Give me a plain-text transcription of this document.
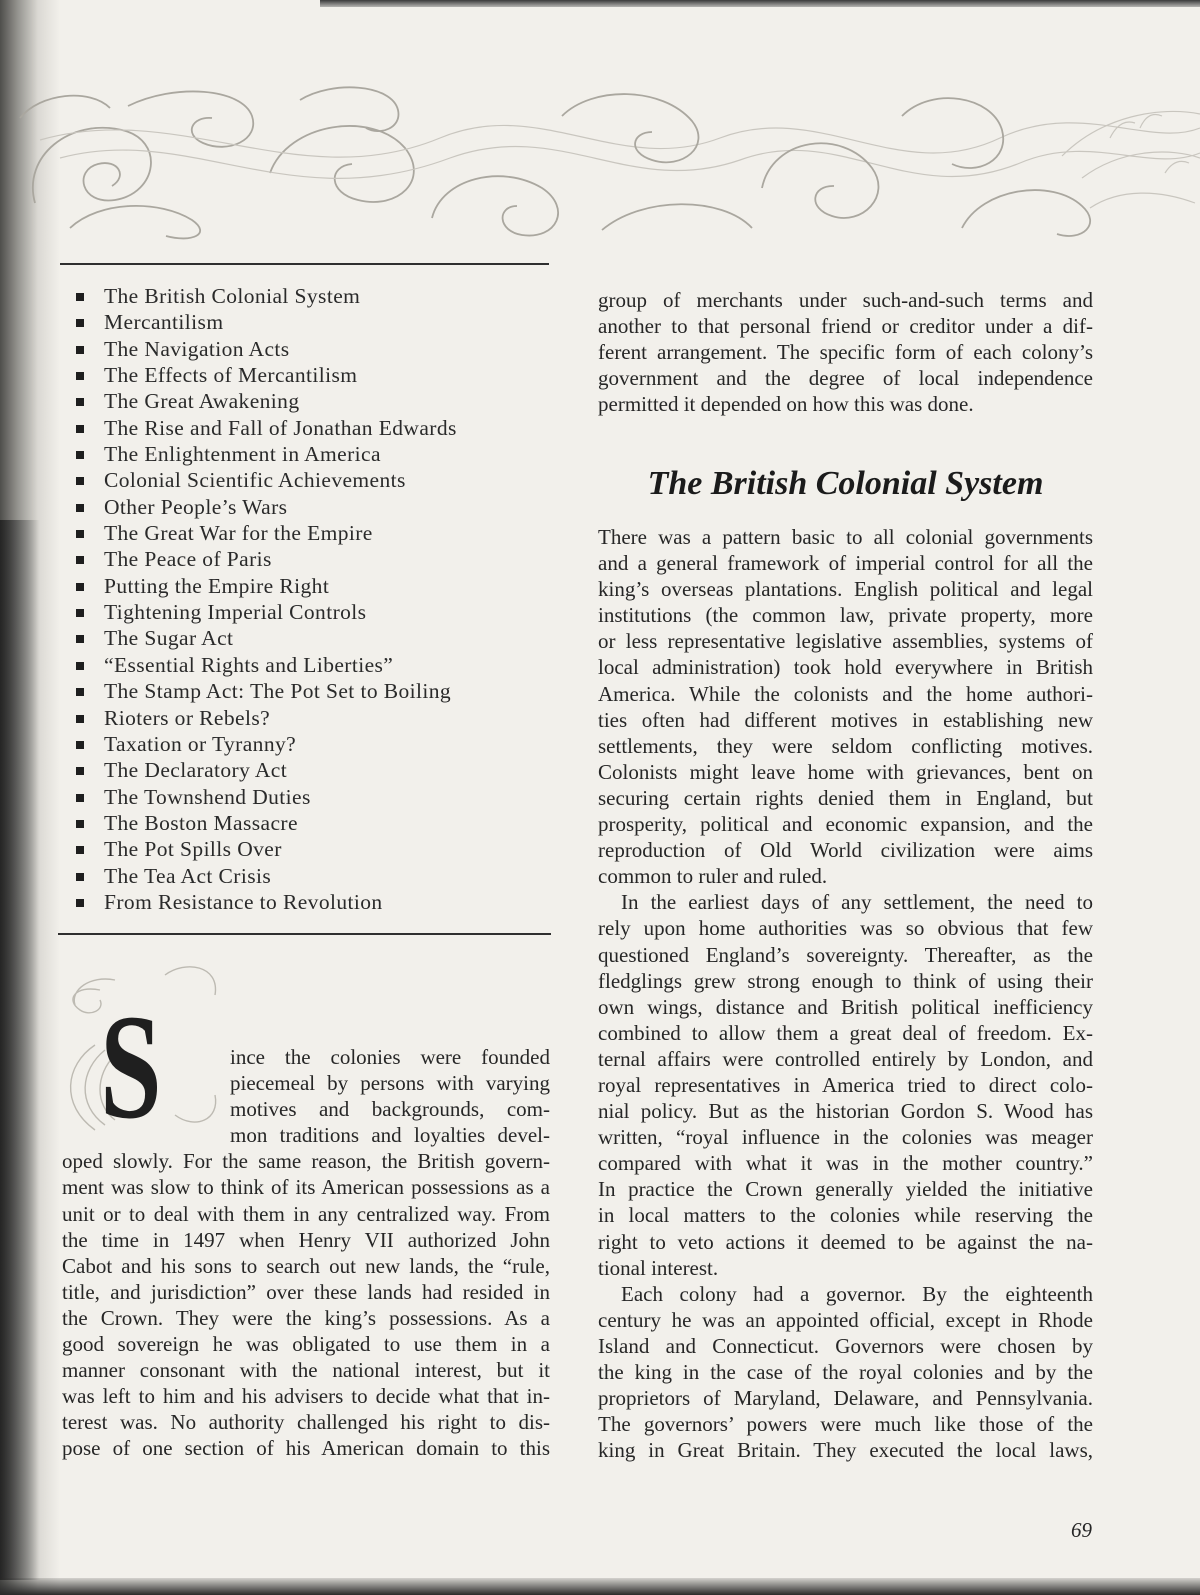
The British Colonial System
Mercantilism
The Navigation Acts
The Effects of Mercantilism
The Great Awakening
The Rise and Fall of Jonathan Edwards
The Enlightenment in America
Colonial Scientific Achievements
Other People’s Wars
The Great War for the Empire
The Peace of Paris
Putting the Empire Right
Tightening Imperial Controls
The Sugar Act
“Essential Rights and Liberties”
The Stamp Act: The Pot Set to Boiling
Rioters or Rebels?
Taxation or Tyranny?
The Declaratory Act
The Townshend Duties
The Boston Massacre
The Pot Spills Over
The Tea Act Crisis
From Resistance to Revolution
S	ince the colonies were founded
piecemeal by persons with varying
motives and backgrounds, com-
mon traditions and loyalties devel-
oped slowly. For the same reason, the British govern-
ment was slow to think of its American possessions as a
unit or to deal with them in any centralized way. From
the time in 1497 when Henry VII authorized John
Cabot and his sons to search out new lands, the “rule,
title, and jurisdiction” over these lands had resided in
the Crown. They were the king’s possessions. As a
good sovereign he was obligated to use them in a
manner consonant with the national interest, but it
was left to him and his advisers to decide what that in-
terest was. No authority challenged his right to dis-
pose of one section of his American domain to this
group of merchants under such-and-such terms and
another to that personal friend or creditor under a dif-
ferent arrangement. The specific form of each colony’s
government and the degree of local independence
permitted it depended on how this was done.
The British Colonial System
There was a pattern basic to all colonial governments
and a general framework of imperial control for all the
king’s overseas plantations. English political and legal
institutions (the common law, private property, more
or less representative legislative assemblies, systems of
local administration) took hold everywhere in British
America. While the colonists and the home authori-
ties often had different motives in establishing new
settlements, they were seldom conflicting motives.
Colonists might leave home with grievances, bent on
securing certain rights denied them in England, but
prosperity, political and economic expansion, and the
reproduction of Old World civilization were aims
common to ruler and ruled.
In the earliest days of any settlement, the need to
rely upon home authorities was so obvious that few
questioned England’s sovereignty. Thereafter, as the
fledglings grew strong enough to think of using their
own wings, distance and British political inefficiency
combined to allow them a great deal of freedom. Ex-
ternal affairs were controlled entirely by London, and
royal representatives in America tried to direct colo-
nial policy. But as the historian Gordon S. Wood has
written, “royal influence in the colonies was meager
compared with what it was in the mother country.”
In practice the Crown generally yielded the initiative
in local matters to the colonies while reserving the
right to veto actions it deemed to be against the na-
tional interest.
Each colony had a governor. By the eighteenth
century he was an appointed official, except in Rhode
Island and Connecticut. Governors were chosen by
the king in the case of the royal colonies and by the
proprietors of Maryland, Delaware, and Pennsylvania.
The governors’ powers were much like those of the
king in Great Britain. They executed the local laws,
69
